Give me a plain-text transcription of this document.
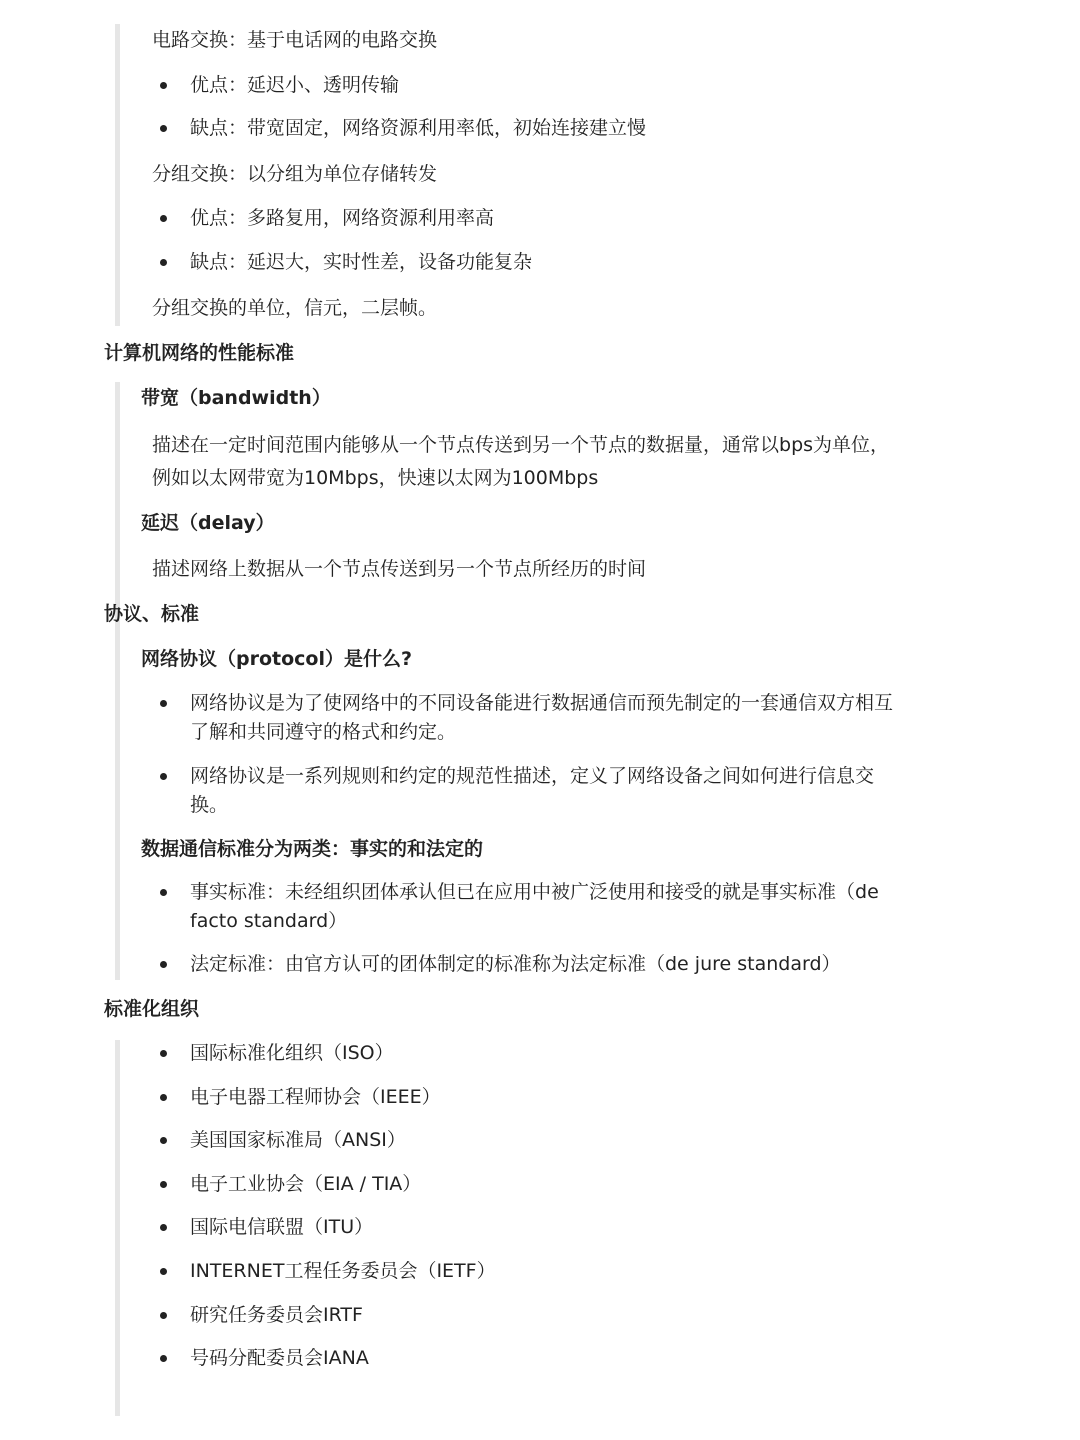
电路交换：基于电话网的电路交换
优点：延迟小、透明传输
缺点：带宽固定，网络资源利用率低，初始连接建立慢
分组交换：以分组为单位存储转发
优点：多路复用，网络资源利用率高
缺点：延迟大，实时性差，设备功能复杂
分组交换的单位，信元，二层帧。
计算机网络的性能标准
带宽（bandwidth）
描述在一定时间范围内能够从一个节点传送到另一个节点的数据量，通常以bps为单位，
例如以太网带宽为10Mbps，快速以太网为100Mbps
延迟（delay）
描述网络上数据从一个节点传送到另一个节点所经历的时间
协议、标准
网络协议（protocol）是什么?
网络协议是为了使网络中的不同设备能进行数据通信而预先制定的一套通信双方相互
了解和共同遵守的格式和约定。
网络协议是一系列规则和约定的规范性描述，定义了网络设备之间如何进行信息交
换。
数据通信标准分为两类：事实的和法定的
事实标准：未经组织团体承认但已在应用中被广泛使用和接受的就是事实标准（de
facto standard）
法定标准：由官方认可的团体制定的标准称为法定标准（de jure standard）
标准化组织
国际标准化组织（ISO）
电子电器工程师协会（IEEE）
美国国家标准局（ANSI）
电子工业协会（EIA / TIA）
国际电信联盟（ITU）
INTERNET工程任务委员会（IETF）
研究任务委员会IRTF
号码分配委员会IANA
